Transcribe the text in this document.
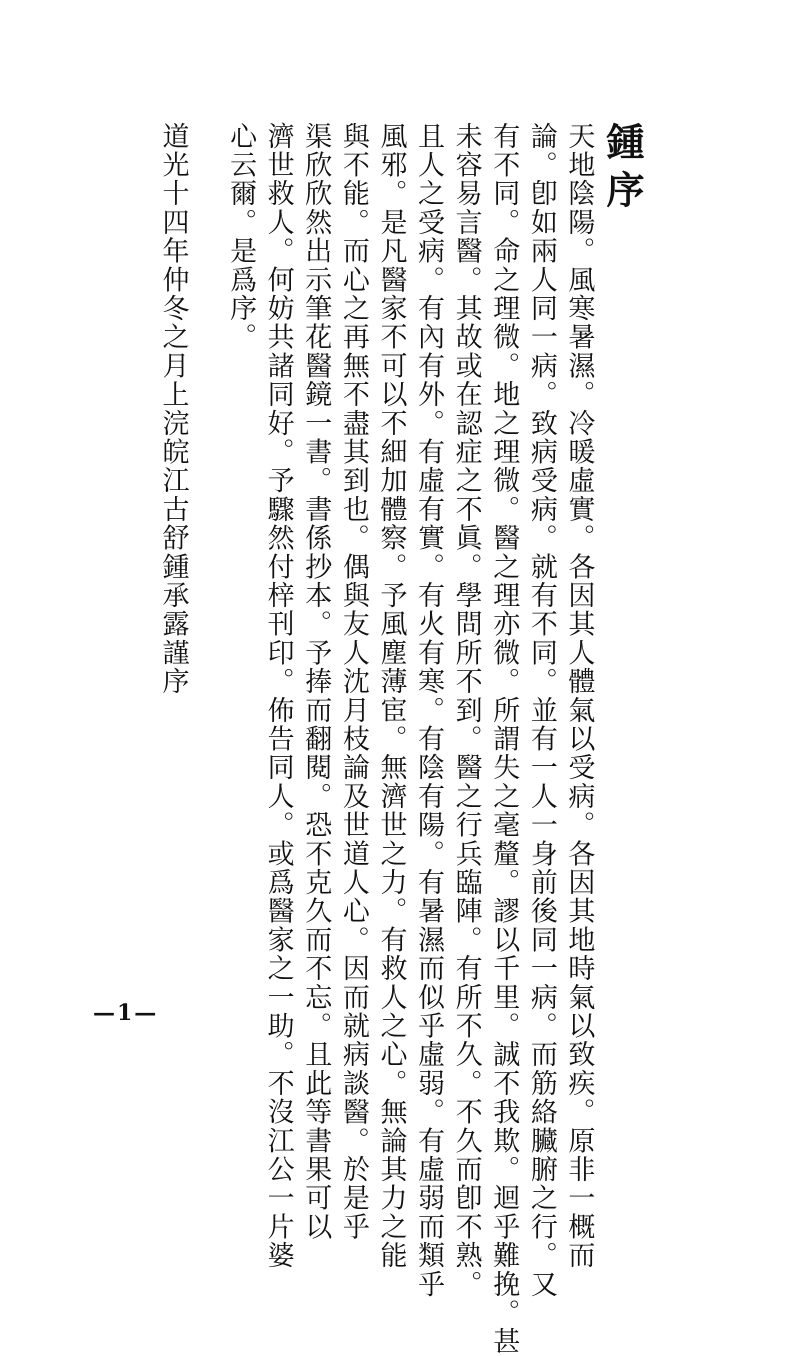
鍾序
天地陰陽。風寒暑濕。冷暖虛實。各因其人體氣以受病。各因其地時氣以致疾。原非一概而
論。卽如兩人同一病。致病受病。就有不同。並有一人一身前後同一病。而筋絡臟腑之行。又
有不同。命之理微。地之理微。醫之理亦微。所謂失之毫釐。謬以千里。誠不我欺。迴乎難挽。甚
未容易言醫。其故或在認症之不眞。學問所不到。醫之行兵臨陣。有所不久。不久而卽不熟。
且人之受病。有內有外。有虛有實。有火有寒。有陰有陽。有暑濕而似乎虛弱。有虛弱而類乎
風邪。是凡醫家不可以不細加體察。予風塵薄宦。無濟世之力。有救人之心。無論其力之能
與不能。而心之再無不盡其到也。偶與友人沈月枝論及世道人心。因而就病談醫。於是乎
渠欣欣然出示筆花醫鏡一書。書係抄本。予捧而翻閱。恐不克久而不忘。且此等書果可以
濟世救人。何妨共諸同好。予驟然付梓刊印。佈告同人。或爲醫家之一助。不沒江公一片婆
心云爾。是爲序。
道光十四年仲冬之月上浣皖江古舒鍾承露謹序
—1—
